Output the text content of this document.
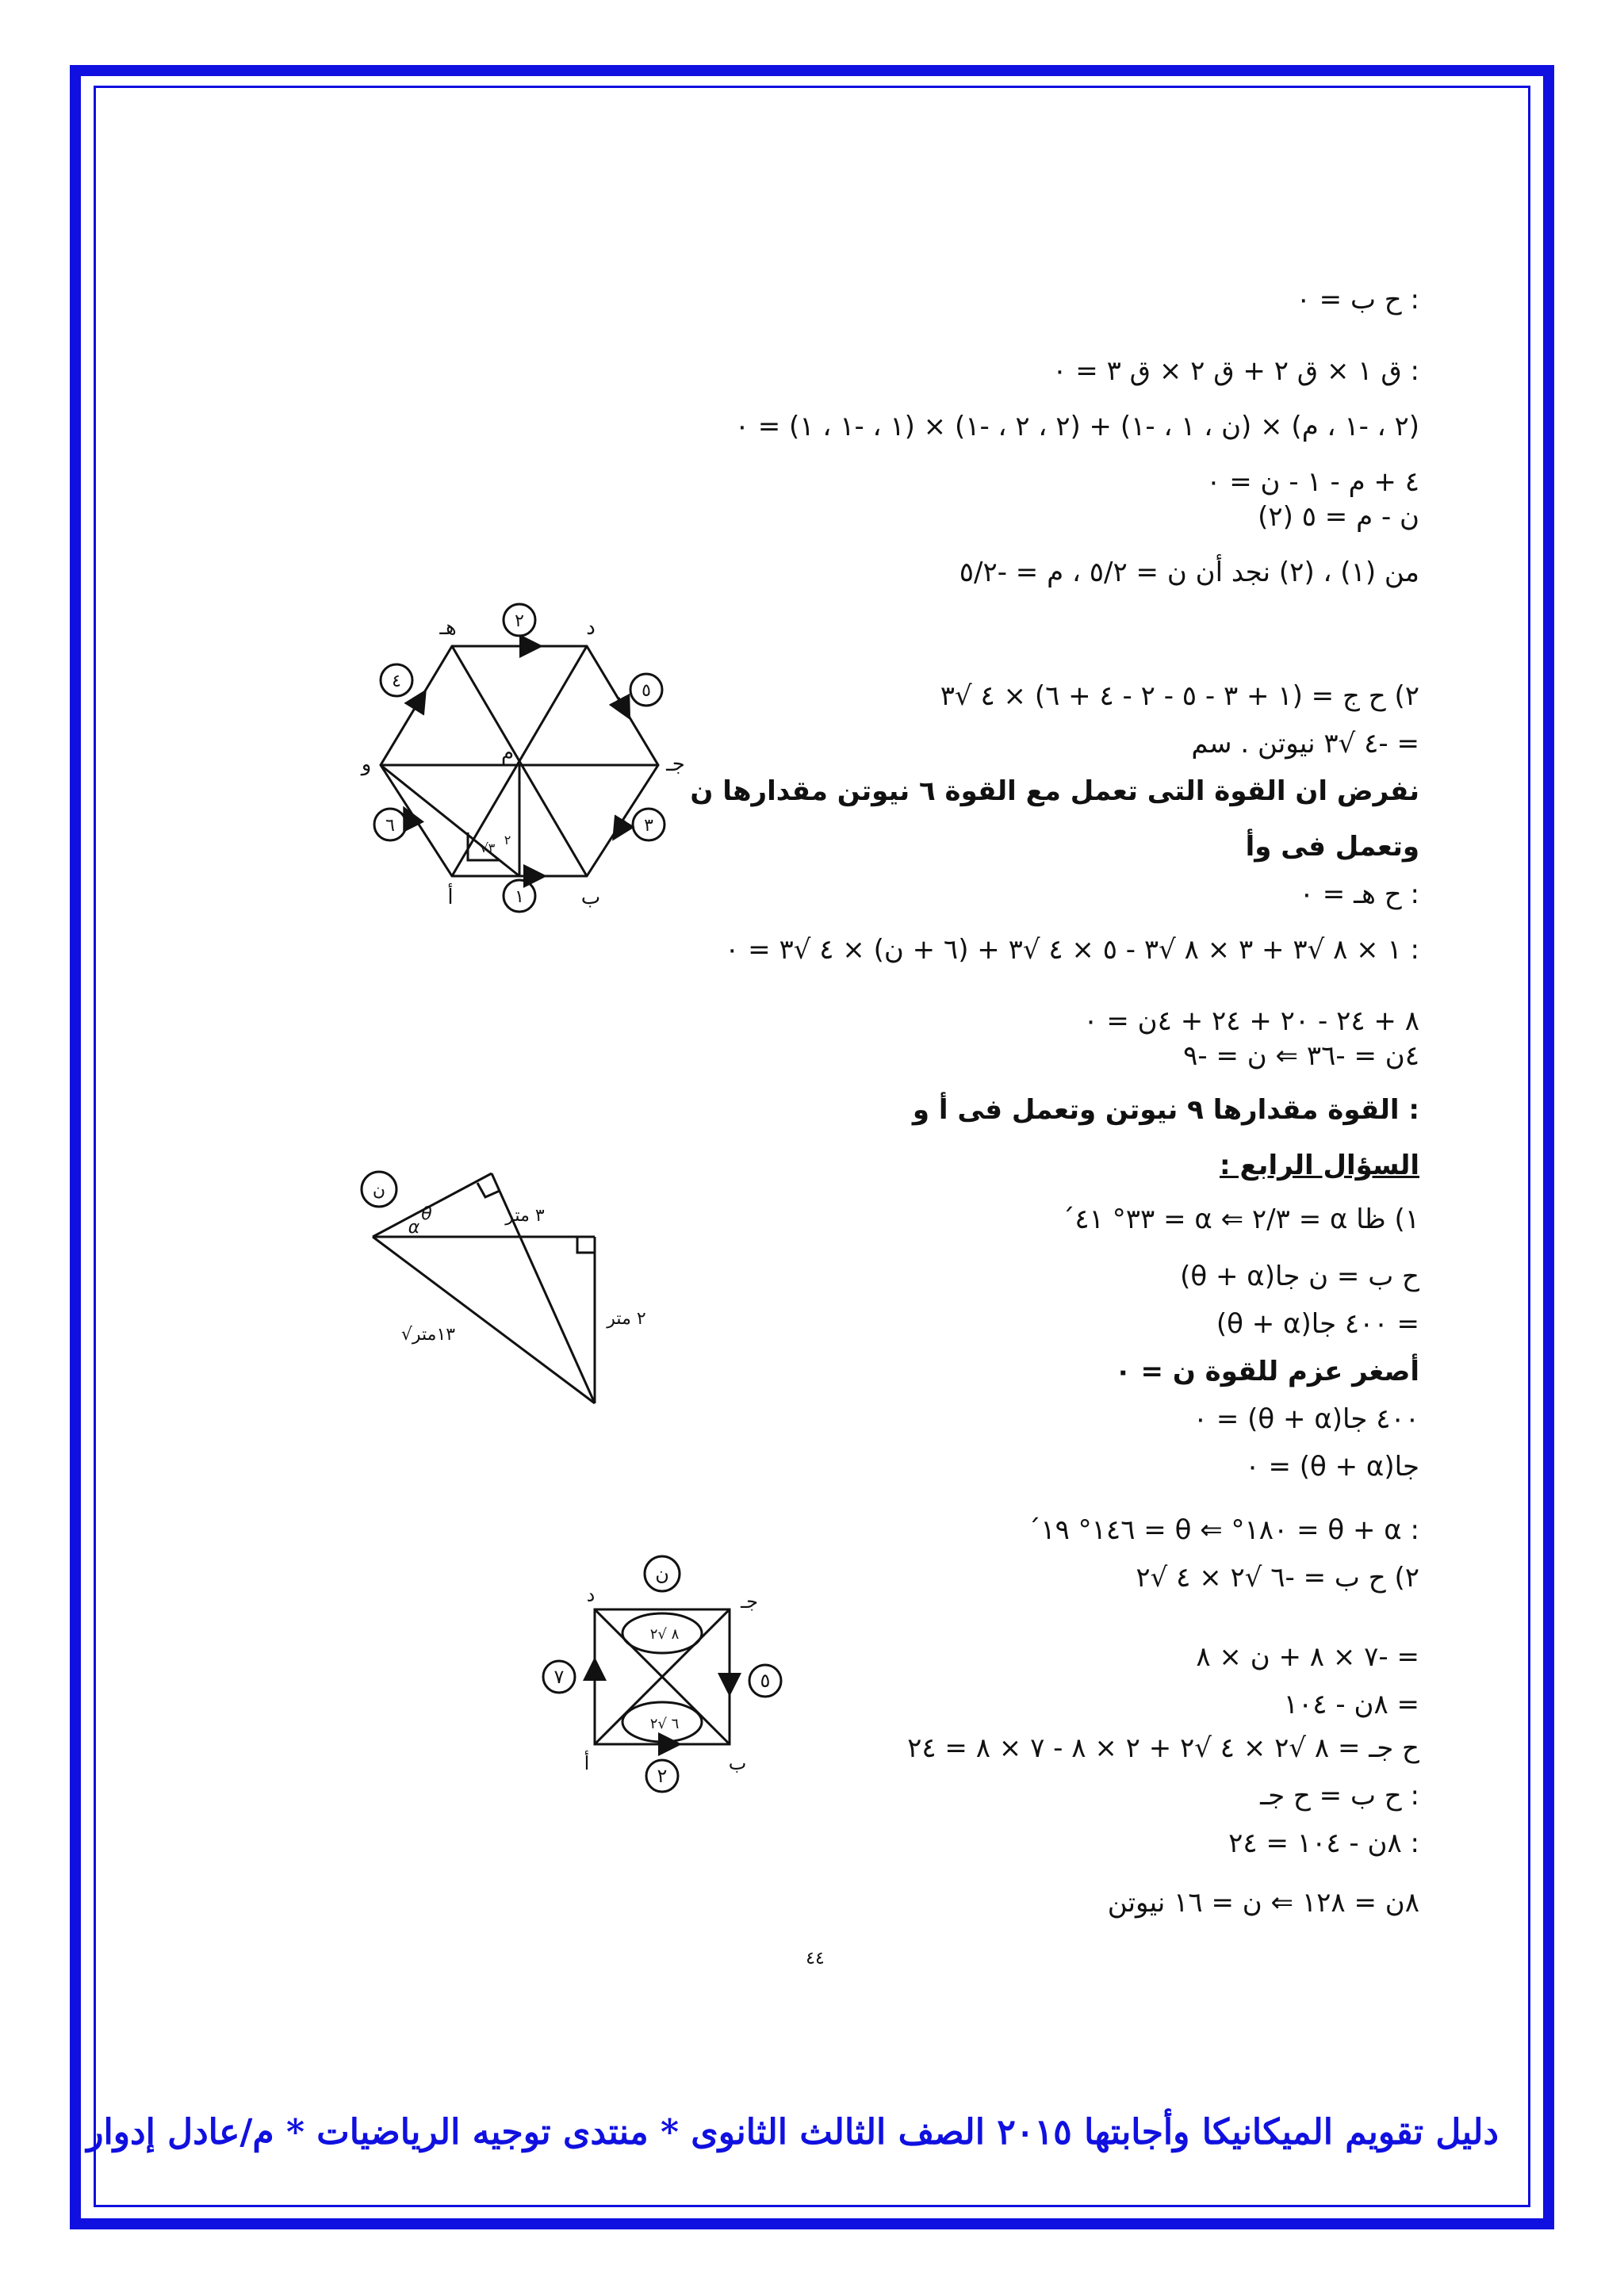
: ح ب = ٠
: ق ١ × ق ٢ + ق ٢ × ق ٣ = ٠
(٢ ، -١ ، م) × (ن ، ١ ، -١) + (٢ ، ٢ ، -١) × (١ ، -١ ، ١) = ٠
٤ + م - ١ - ن = ٠
ن - م = ٥ (٢)
من (١) ، (٢) نجد أن ن = ٥/٢ ، م = -٥/٢
٢) ح ج = (١ + ٣ - ٥ - ٢ - ٤ + ٦) × ٤ √٣
= -٤ √٣ نيوتن . سم
نفرض ان القوة التى تعمل مع القوة ٦ نيوتن مقدارها ن
وتعمل فى وأ
: ح هـ = ٠
: ١ × ٨ √٣ + ٣ × ٨ √٣ - ٥ × ٤ √٣ + (٦ + ن) × ٤ √٣ = ٠
٨ + ٢٤ - ٢٠ + ٢٤ + ٤ن = ٠
٤ن = -٣٦ ⇐ ن = -٩
: القوة مقدارها ٩ نيوتن وتعمل فى أ و
السؤال الرابع :
١) ظا α = ٢/٣ ⇐ α = ٣٣° ٤١´
ح ب = ن جا(θ + α)
= ٤٠٠ جا(θ + α)
أصغر عزم للقوة ن = ٠
٤٠٠ جا(θ + α) = ٠
جا(θ + α) = ٠
: θ + α = ١٨٠° ⇐ θ = ١٤٦° ١٩´
٢) ح ب = -٦ √٢ × ٤ √٢
= -٧ × ٨ + ن × ٨
= ٨ن - ١٠٤
ح جـ = ٨ √٢ × ٤ √٢ + ٢ × ٨ - ٧ × ٨ = ٢٤
: ح ب = ح جـ
: ٨ن - ١٠٤ = ٢٤
٨ن = ١٢٨ ⇐ ن = ١٦ نيوتن
هـ	د
جـ
ب
أ
و	م
٢
٥
٣
١
٦
٤
٢
√٣
ن
θ
α
٣ متر
٢ متر
√١٣متر
د	جـ
ب
أ
ن
٧	٥
٢
٨ √٢
٦ √٢
٤٤
دليل تقويم الميكانيكا وأجابتها ٢٠١٥ الصف الثالث الثانوى * منتدى توجيه الرياضيات * م/عادل إدوار
